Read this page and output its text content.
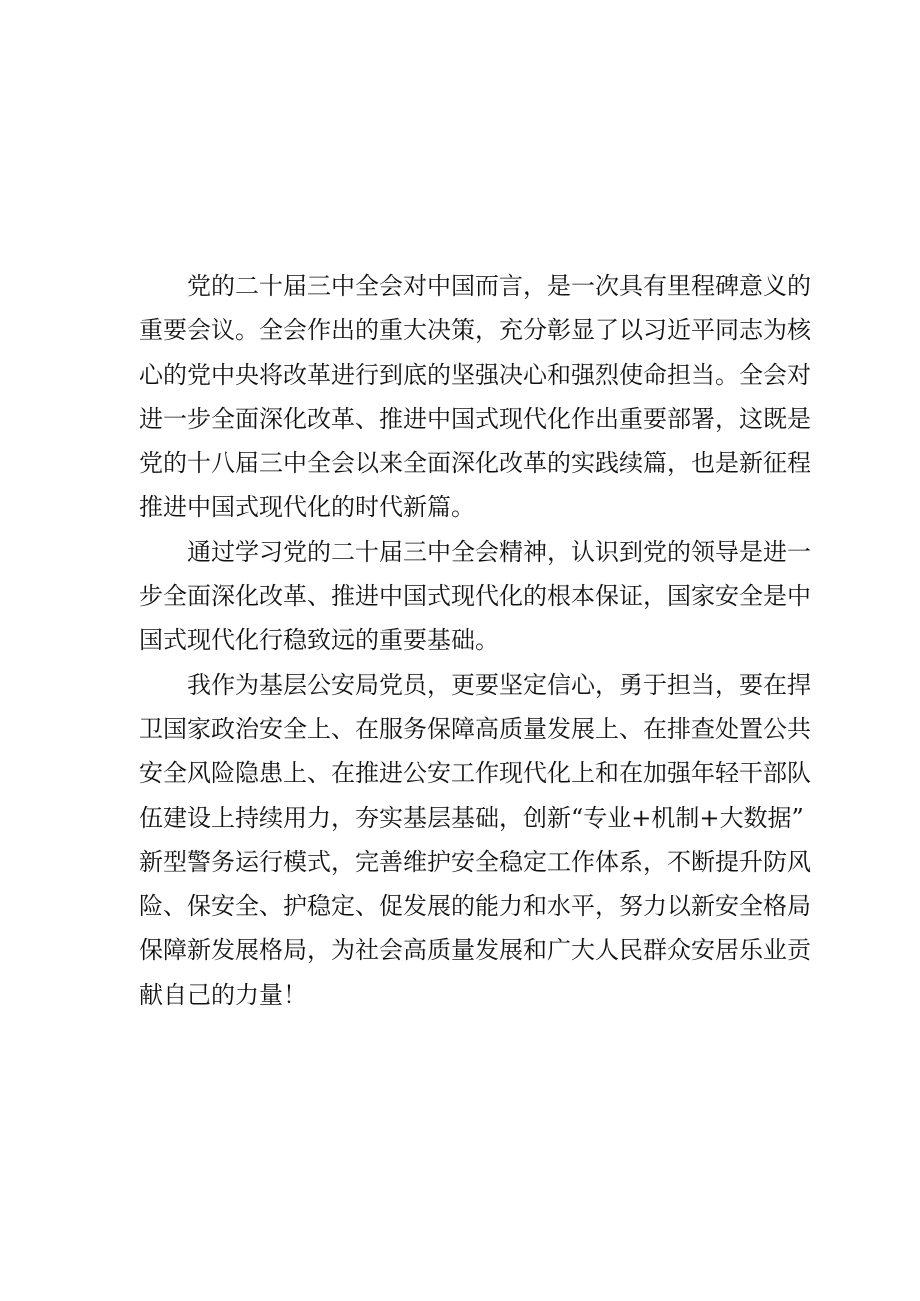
党的二十届三中全会对中国而言，是一次具有里程碑意义的
重要会议。全会作出的重大决策，充分彰显了以习近平同志为核
心的党中央将改革进行到底的坚强决心和强烈使命担当。全会对
进一步全面深化改革、推进中国式现代化作出重要部署，这既是
党的十八届三中全会以来全面深化改革的实践续篇，也是新征程
推进中国式现代化的时代新篇。
通过学习党的二十届三中全会精神，认识到党的领导是进一
步全面深化改革、推进中国式现代化的根本保证，国家安全是中
国式现代化行稳致远的重要基础。
我作为基层公安局党员，更要坚定信心，勇于担当，要在捍
卫国家政治安全上、在服务保障高质量发展上、在排查处置公共
安全风险隐患上、在推进公安工作现代化上和在加强年轻干部队
伍建设上持续用力，夯实基层基础，创新“专业+机制+大数据”
新型警务运行模式，完善维护安全稳定工作体系，不断提升防风
险、保安全、护稳定、促发展的能力和水平，努力以新安全格局
保障新发展格局，为社会高质量发展和广大人民群众安居乐业贡
献自己的力量！
